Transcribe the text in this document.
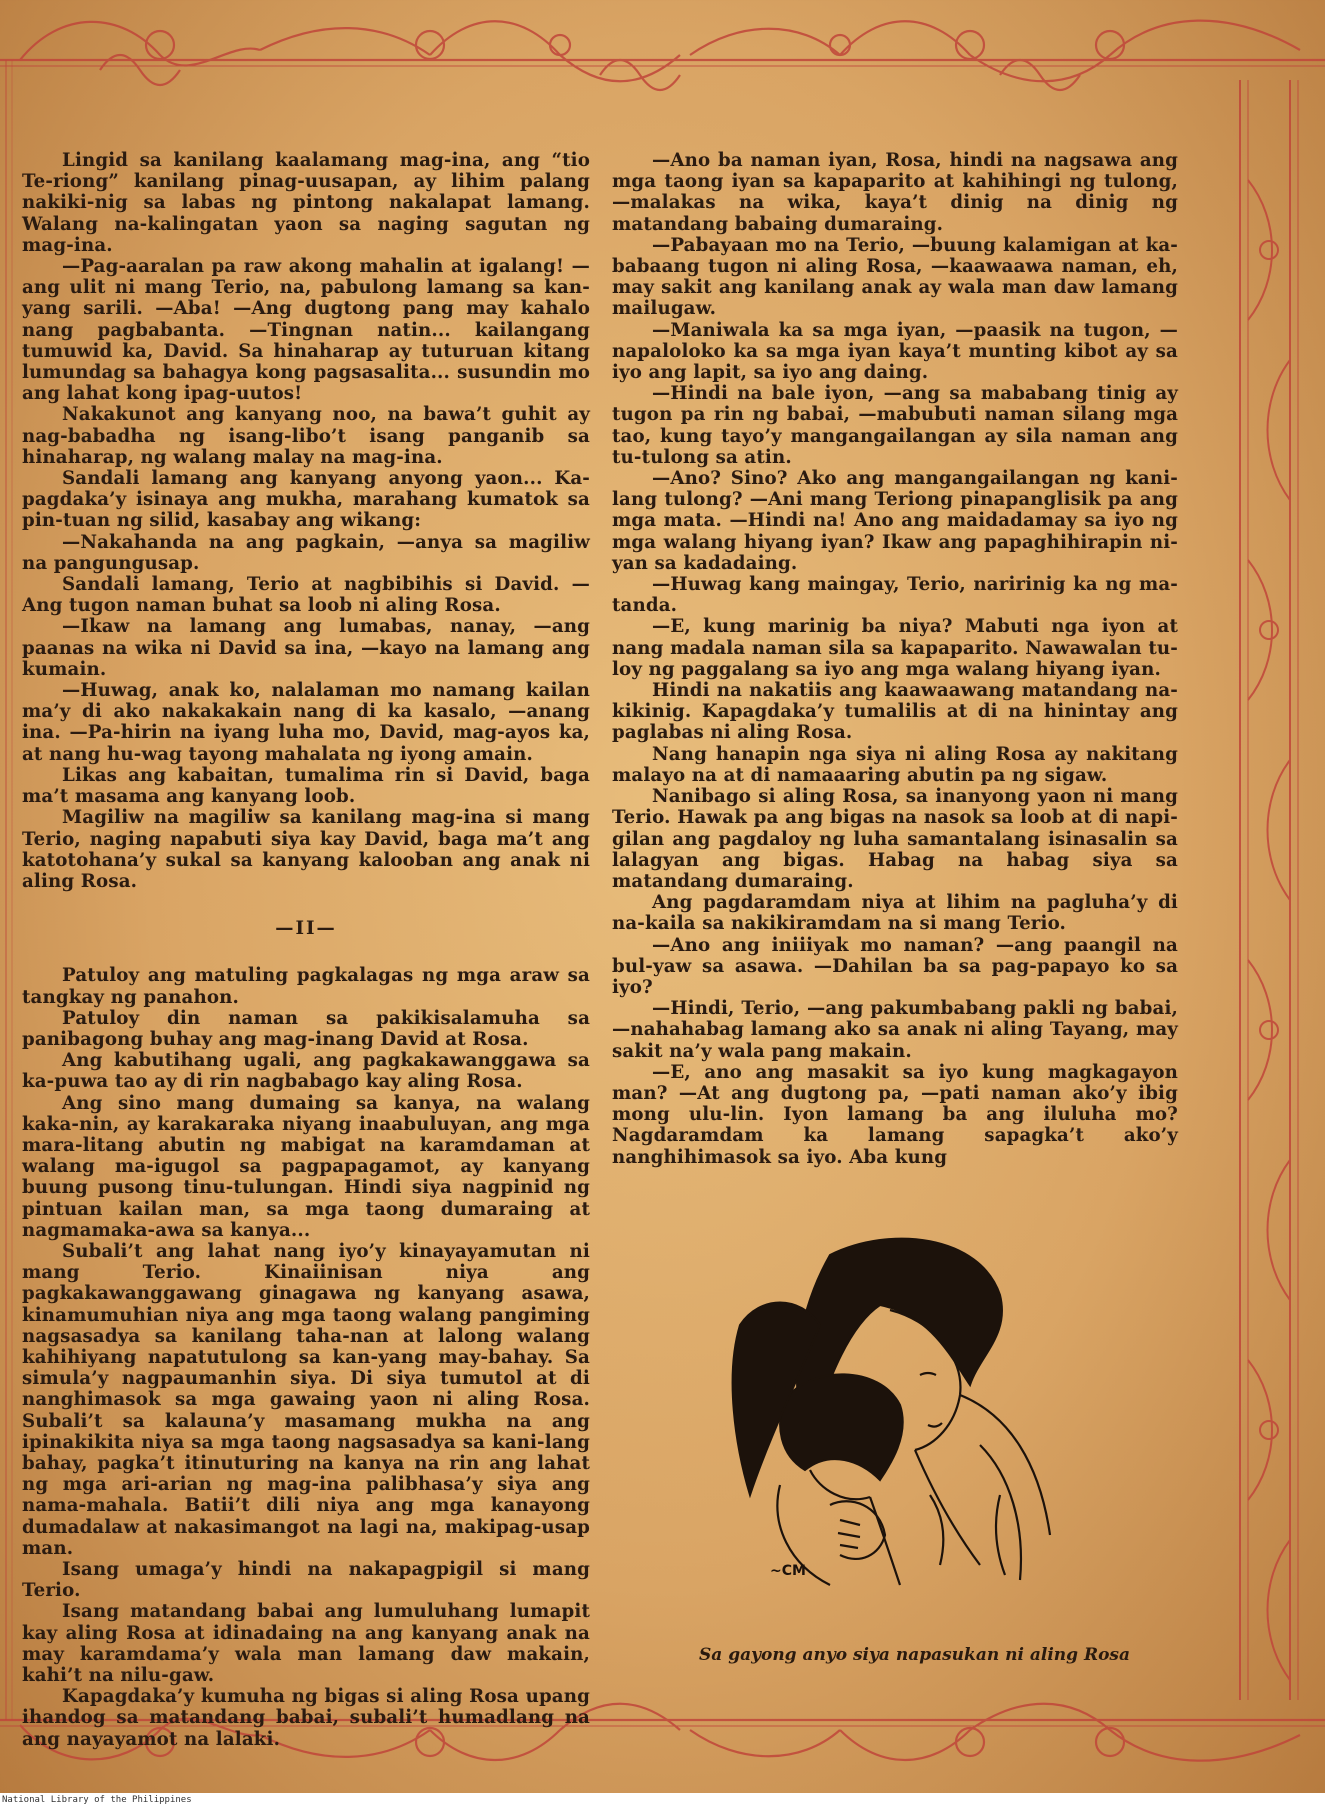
Lingid sa kanilang kaalamang mag-ina, ang “tio Te-riong” kanilang pinag-uusapan, ay lihim palang nakiki-nig sa labas ng pintong nakalapat lamang. Walang na-kalingatan yaon sa naging sagutan ng mag-ina.

—Pag-aaralan pa raw akong mahalin at igalang! —ang ulit ni mang Terio, na, pabulong lamang sa kan-yang sarili. —Aba! —Ang dugtong pang may kahalo nang pagbabanta. —Tingnan natin... kailangang tumuwid ka, David. Sa hinaharap ay tuturuan kitang lumundag sa bahagya kong pagsasalita... susundin mo ang lahat kong ipag-uutos!

Nakakunot ang kanyang noo, na bawa’t guhit ay nag-babadha ng isang-libo’t isang panganib sa hinaharap, ng walang malay na mag-ina.

Sandali lamang ang kanyang anyong yaon... Ka-pagdaka’y isinaya ang mukha, marahang kumatok sa pin-tuan ng silid, kasabay ang wikang:

—Nakahanda na ang pagkain, —anya sa magiliw na pangungusap.

Sandali lamang, Terio at nagbibihis si David. —Ang tugon naman buhat sa loob ni aling Rosa.

—Ikaw na lamang ang lumabas, nanay, —ang paanas na wika ni David sa ina, —kayo na lamang ang kumain.

—Huwag, anak ko, nalalaman mo namang kailan ma’y di ako nakakakain nang di ka kasalo, —anang ina. —Pa-hirin na iyang luha mo, David, mag-ayos ka, at nang hu-wag tayong mahalata ng iyong amain.

Likas ang kabaitan, tumalima rin si David, baga ma’t masama ang kanyang loob.

Magiliw na magiliw sa kanilang mag-ina si mang Terio, naging napabuti siya kay David, baga ma’t ang katotohana’y sukal sa kanyang kalooban ang anak ni aling Rosa.

—II—

Patuloy ang matuling pagkalagas ng mga araw sa tangkay ng panahon.

Patuloy din naman sa pakikisalamuha sa panibagong buhay ang mag-inang David at Rosa.

Ang kabutihang ugali, ang pagkakawanggawa sa ka-puwa tao ay di rin nagbabago kay aling Rosa.

Ang sino mang dumaing sa kanya, na walang kaka-nin, ay karakaraka niyang inaabuluyan, ang mga mara-litang abutin ng mabigat na karamdaman at walang ma-igugol sa pagpapagamot, ay kanyang buung pusong tinu-tulungan. Hindi siya nagpinid ng pintuan kailan man, sa mga taong dumaraing at nagmamaka-awa sa kanya...

Subali’t ang lahat nang iyo’y kinayayamutan ni mang Terio. Kinaiinisan niya ang pagkakawanggawang ginagawa ng kanyang asawa, kinamumuhian niya ang mga taong walang pangiming nagsasadya sa kanilang taha-nan at lalong walang kahihiyang napatutulong sa kan-yang may-bahay. Sa simula’y nagpaumanhin siya. Di siya tumutol at di nanghimasok sa mga gawaing yaon ni aling Rosa. Subali’t sa kalauna’y masamang mukha na ang ipinakikita niya sa mga taong nagsasadya sa kani-lang bahay, pagka’t itinuturing na kanya na rin ang lahat ng mga ari-arian ng mag-ina palibhasa’y siya ang nama-mahala. Batii’t dili niya ang mga kanayong dumadalaw at nakasimangot na lagi na, makipag-usap man.

Isang umaga’y hindi na nakapagpigil si mang Terio.

Isang matandang babai ang lumuluhang lumapit kay aling Rosa at idinadaing na ang kanyang anak na may karamdama’y wala man lamang daw makain, kahi’t na nilu-gaw.

Kapagdaka’y kumuha ng bigas si aling Rosa upang ihandog sa matandang babai, subali’t humadlang na ang nayayamot na lalaki.

—Ano ba naman iyan, Rosa, hindi na nagsawa ang mga taong iyan sa kapaparito at kahihingi ng tulong, —malakas na wika, kaya’t dinig na dinig ng matandang babaing dumaraing.

—Pabayaan mo na Terio, —buung kalamigan at ka-babaang tugon ni aling Rosa, —kaawaawa naman, eh, may sakit ang kanilang anak ay wala man daw lamang mailugaw.

—Maniwala ka sa mga iyan, —paasik na tugon, —napaloloko ka sa mga iyan kaya’t munting kibot ay sa iyo ang lapit, sa iyo ang daing.

—Hindi na bale iyon, —ang sa mababang tinig ay tugon pa rin ng babai, —mabubuti naman silang mga tao, kung tayo’y mangangailangan ay sila naman ang tu-tulong sa atin.

—Ano? Sino? Ako ang mangangailangan ng kani-lang tulong? —Ani mang Teriong pinapanglisik pa ang mga mata. —Hindi na! Ano ang maidadamay sa iyo ng mga walang hiyang iyan? Ikaw ang papaghihirapin ni-yan sa kadadaing.

—Huwag kang maingay, Terio, naririnig ka ng ma-tanda.

—E, kung marinig ba niya? Mabuti nga iyon at nang madala naman sila sa kapaparito. Nawawalan tu-loy ng paggalang sa iyo ang mga walang hiyang iyan.

Hindi na nakatiis ang kaawaawang matandang na-kikinig. Kapagdaka’y tumalilis at di na hinintay ang paglabas ni aling Rosa.

Nang hanapin nga siya ni aling Rosa ay nakitang malayo na at di namaaaring abutin pa ng sigaw.

Nanibago si aling Rosa, sa inanyong yaon ni mang Terio. Hawak pa ang bigas na nasok sa loob at di napi-gilan ang pagdaloy ng luha samantalang isinasalin sa lalagyan ang bigas. Habag na habag siya sa matandang dumaraing.

Ang pagdaramdam niya at lihim na pagluha’y di na-kaila sa nakikiramdam na si mang Terio.

—Ano ang iniiiyak mo naman? —ang paangil na bul-yaw sa asawa. —Dahilan ba sa pag-papayo ko sa iyo?

—Hindi, Terio, —ang pakumbabang pakli ng babai, —nahahabag lamang ako sa anak ni aling Tayang, may sakit na’y wala pang makain.

—E, ano ang masakit sa iyo kung magkagayon man? —At ang dugtong pa, —pati naman ako’y ibig mong ulu-lin. Iyon lamang ba ang iluluha mo? Nagdaramdam ka lamang sapagka’t ako’y nanghihimasok sa iyo. Aba kung

~CM
Sa gayong anyo siya napasukan ni aling Rosa
National Library of the Philippines
